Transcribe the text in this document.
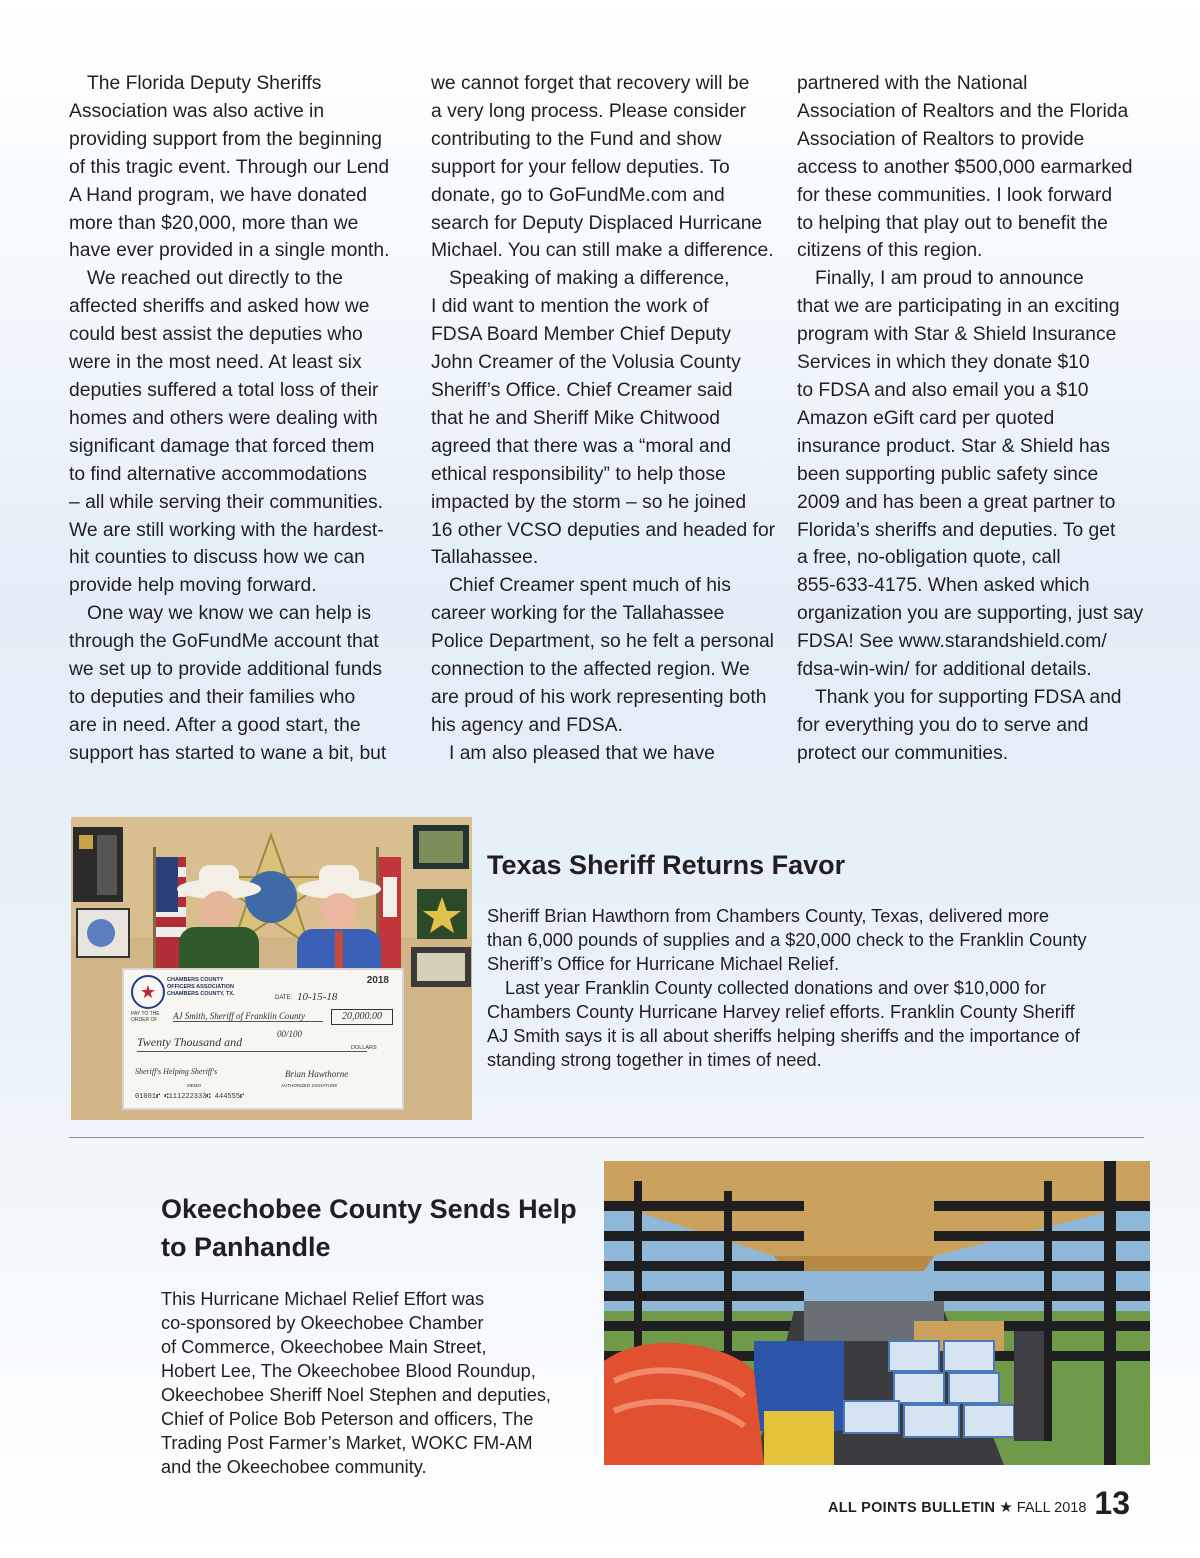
The Florida Deputy Sheriffs
Association was also active in
providing support from the beginning
of this tragic event. Through our Lend
A Hand program, we have donated
more than $20,000, more than we
have ever provided in a single month.

We reached out directly to the
affected sheriffs and asked how we
could best assist the deputies who
were in the most need. At least six
deputies suffered a total loss of their
homes and others were dealing with
significant damage that forced them
to find alternative accommodations
– all while serving their communities.
We are still working with the hardest-
hit counties to discuss how we can
provide help moving forward.

One way we know we can help is
through the GoFundMe account that
we set up to provide additional funds
to deputies and their families who
are in need. After a good start, the
support has started to wane a bit, but

we cannot forget that recovery will be
a very long process. Please consider
contributing to the Fund and show
support for your fellow deputies. To
donate, go to GoFundMe.com and
search for Deputy Displaced Hurricane
Michael. You can still make a difference.

Speaking of making a difference,
I did want to mention the work of
FDSA Board Member Chief Deputy
John Creamer of the Volusia County
Sheriff’s Office. Chief Creamer said
that he and Sheriff Mike Chitwood
agreed that there was a “moral and
ethical responsibility” to help those
impacted by the storm – so he joined
16 other VCSO deputies and headed for
Tallahassee.

Chief Creamer spent much of his
career working for the Tallahassee
Police Department, so he felt a personal
connection to the affected region. We
are proud of his work representing both
his agency and FDSA.

I am also pleased that we have

partnered with the National
Association of Realtors and the Florida
Association of Realtors to provide
access to another $500,000 earmarked
for these communities. I look forward
to helping that play out to benefit the
citizens of this region.

Finally, I am proud to announce
that we are participating in an exciting
program with Star & Shield Insurance
Services in which they donate $10
to FDSA and also email you a $10
Amazon eGift card per quoted
insurance product. Star & Shield has
been supporting public safety since
2009 and has been a great partner to
Florida’s sheriffs and deputies. To get
a free, no-obligation quote, call
855-633-4175. When asked which
organization you are supporting, just say
FDSA! See www.starandshield.com/
fdsa-win-win/ for additional details.

Thank you for supporting FDSA and
for everything you do to serve and
protect our communities.

★
CHAMBERS COUNTY
OFFICERS ASSOCIATION
CHAMBERS COUNTY, TX.
2018
DATE: 10-15-18
PAY TO THE ORDER OF	AJ Smith, Sheriff of Franklin County	20,000.00
Twenty Thousand and
00/100
DOLLARS
Sheriff's Helping Sheriff's
MEMO
Brian Hawthorne
AUTHORIZED SIGNATURE
01001⑈ ⑆111222333⑆ 444555⑈
Texas Sheriff Returns Favor

Sheriff Brian Hawthorn from Chambers County, Texas, delivered more than 6,000 pounds of supplies and a $20,000 check to the Franklin County Sheriff’s Office for Hurricane Michael Relief.

Last year Franklin County collected donations and over $10,000 for Chambers County Hurricane Harvey relief efforts. Franklin County Sheriff AJ Smith says it is all about sheriffs helping sheriffs and the importance of standing strong together in times of need.

Okeechobee County Sends Help
to Panhandle

This Hurricane Michael Relief Effort was
co-sponsored by Okeechobee Chamber
of Commerce, Okeechobee Main Street,
Hobert Lee, The Okeechobee Blood Roundup,
Okeechobee Sheriff Noel Stephen and deputies,
Chief of Police Bob Peterson and officers, The
Trading Post Farmer’s Market, WOKC FM-AM
and the Okeechobee community.

ALL POINTS BULLETIN ★ FALL 2018 13
